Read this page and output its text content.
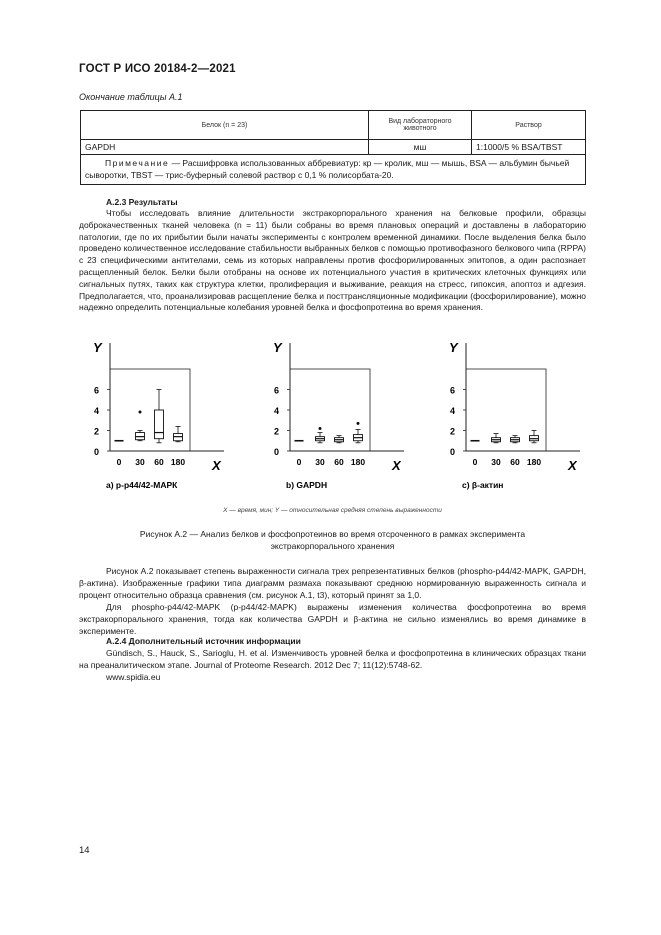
ГОСТ Р ИСО 20184-2—2021
Окончание таблицы А.1
Белок (n = 23)	Вид лабораторного животного	Раствор
GAPDH	мш	1:1000/5 % BSA/TBST
Примечание — Расшифровка использованных аббревиатур: кр — кролик, мш — мышь, BSA — альбумин бычьей сыворотки, TBST — трис-буферный солевой раствор с 0,1 % полисорбата-20.		
А.2.3 Результаты
Чтобы исследовать влияние длительности экстракорпорального хранения на белковые профили, образцы доброкачественных тканей человека (n = 11) были собраны во время плановых операций и доставлены в лабораторию патологии, где по их прибытии были начаты эксперименты с контролем временной динамики. После выделения белка было проведено количественное исследование стабильности выбранных белков с помощью противофазного белкового чипа (RPPA) с 23 специфическими антителами, семь из которых направлены против фосфорилированных эпитопов, а один распознает расщепленный белок. Белки были отобраны на основе их потенциального участия в критических клеточных функциях или сигнальных путях, таких как структура клетки, пролиферация и выживание, реакция на стресс, гипоксия, апоптоз и адгезия. Предполагается, что, проанализировав расщепление белка и посттрансляционные модификации (фосфорилирование), можно надежно определить потенциальные колебания уровней белка и фосфопротеина во время хранения.
Y
X
0
2
4
6
0 30 60 180
a) p-p44/42-МАРК
Y
X
0
2
4
6
0 30 60 180
b) GAPDH
Y
X
0
2
4
6
0 30 60 180
c) β-актин
X — время, мин; Y — относительная средняя степень выраженности
Рисунок А.2 — Анализ белков и фосфопротеинов во время отсроченного в рамках эксперимента
экстракорпорального хранения
Рисунок А.2 показывает степень выраженности сигнала трех репрезентативных белков (phospho-p44/42-MAPK, GAPDH, β-актина). Изображенные графики типа диаграмм размаха показывают среднюю нормированную выраженность сигнала и процент относительно образца сравнения (см. рисунок А.1, t3), который принят за 1,0.
Для phospho-p44/42-MAPK (p-p44/42-MAPK) выражены изменения количества фосфопротеина во время экстракорпорального хранения, тогда как количества GAPDH и β-актина не сильно изменялись во время динамике в эксперименте.
А.2.4 Дополнительный источник информации
Gündisch, S., Hauck, S., Sarioglu, H. et al. Изменчивость уровней белка и фосфопротеина в клинических образцах ткани на преаналитическом этапе. Journal of Proteome Research. 2012 Dec 7; 11(12):5748-62.
www.spidia.eu
14
